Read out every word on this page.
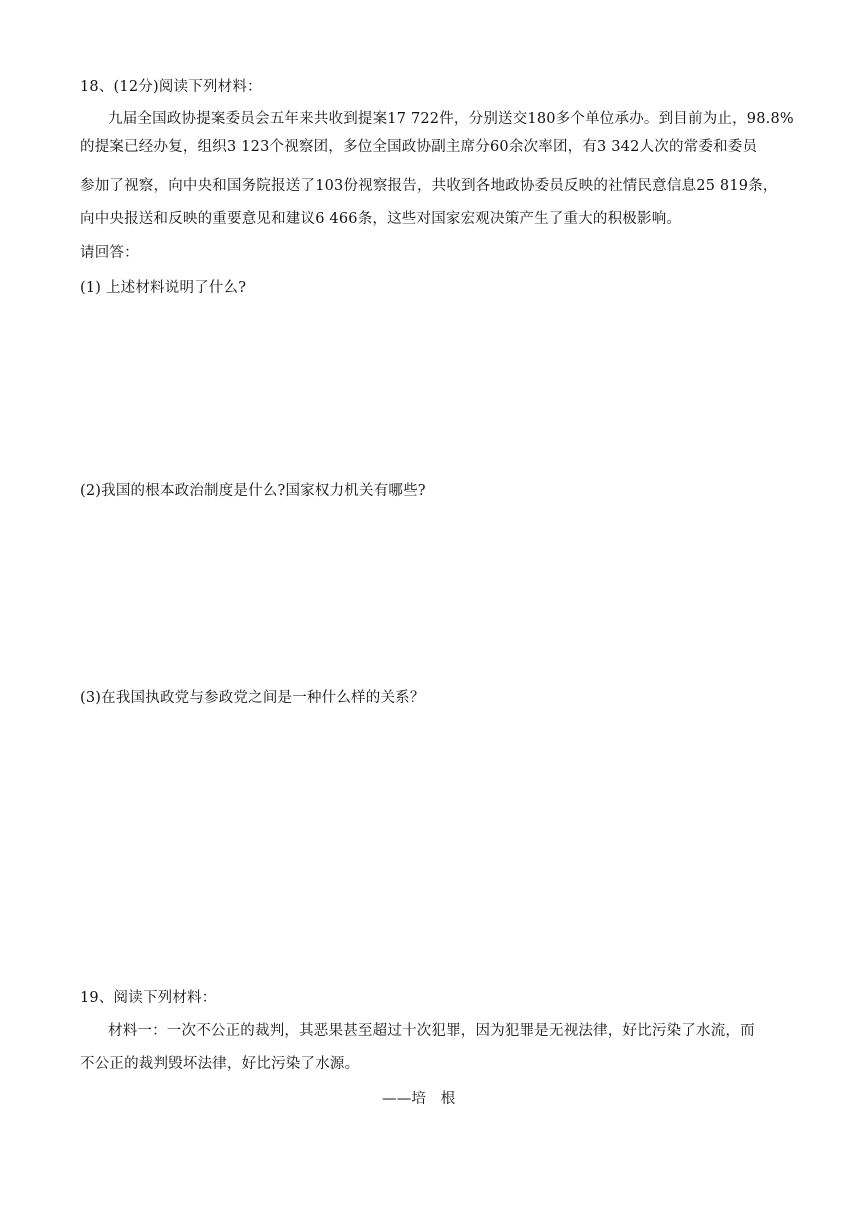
18、(12分)阅读下列材料：
九届全国政协提案委员会五年来共收到提案17 722件，分别送交180多个单位承办。到目前为止，98.8%
的提案已经办复，组织3 123个视察团，多位全国政协副主席分60余次率团，有3 342人次的常委和委员
参加了视察，向中央和国务院报送了103份视察报告，共收到各地政协委员反映的社情民意信息25 819条，
向中央报送和反映的重要意见和建议6 466条，这些对国家宏观决策产生了重大的积极影响。
请回答：
(1) 上述材料说明了什么?
(2)我国的根本政治制度是什么?国家权力机关有哪些?
(3)在我国执政党与参政党之间是一种什么样的关系？
19、阅读下列材料：
材料一：一次不公正的裁判，其恶果甚至超过十次犯罪，因为犯罪是无视法律，好比污染了水流，而
不公正的裁判毁坏法律，好比污染了水源。
——培　根
